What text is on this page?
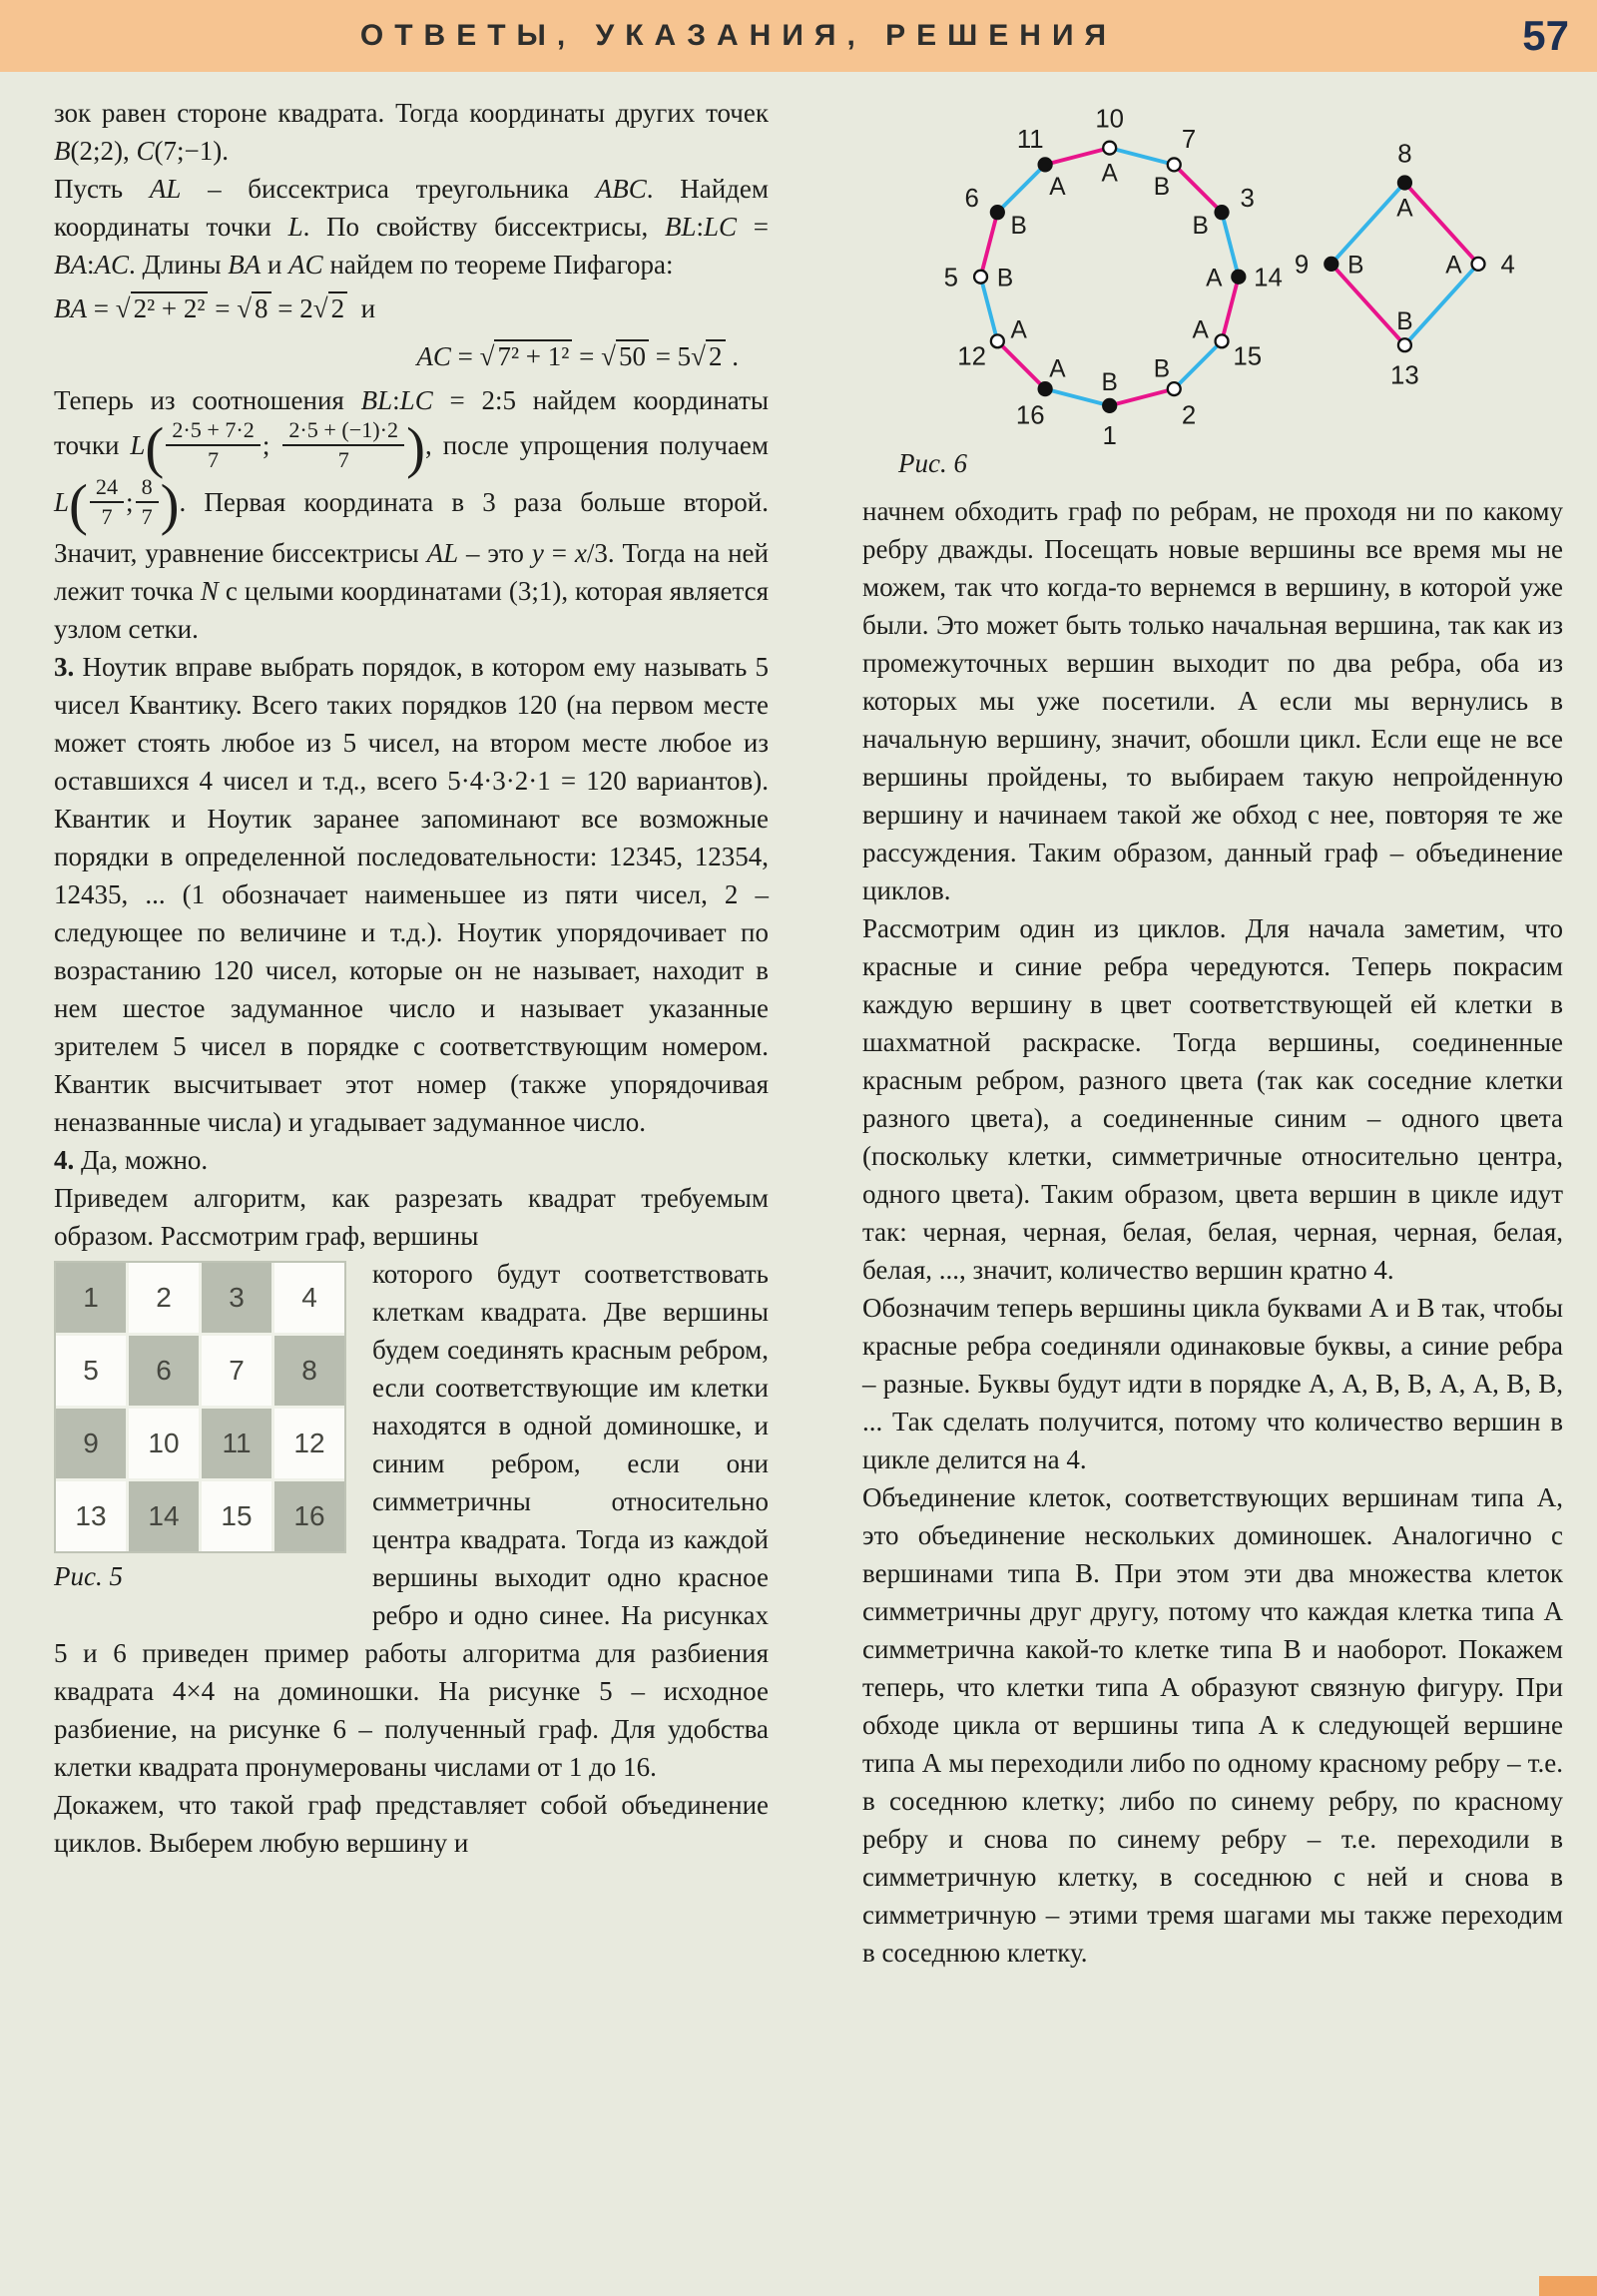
ОТВЕТЫ, УКАЗАНИЯ, РЕШЕНИЯ	57

зок равен стороне квадрата. Тогда координаты других точек B(2;2), C(7;−1).

Пусть AL – биссектриса треугольника ABC. Найдем координаты точки L. По свойству биссектрисы, BL:LC = BA:AC. Длины BA и AC найдем по теореме Пифагора:

BA = √ 2² + 2² = √ 8 = 2 √ 2  и
AC = √ 7² + 1² = √ 50 = 5 √ 2 .

Теперь из соотношения BL:LC = 2:5 найдем координаты точки $L( \frac{2\cdot 5 + 7\cdot 2}{7}$ ; $\frac{2\cdot 5 + (-1)\cdot 2}{7}$ ), после упрощения получаем $L( \frac{24}{7}$ ; $\frac{8}{7}$ ). Первая координата в 3 раза больше второй. Значит, уравнение биссектрисы AL – это y = x/3. Тогда на ней лежит точка N с целыми координатами (3;1), которая является узлом сетки.

3. Ноутик вправе выбрать порядок, в котором ему называть 5 чисел Квантику. Всего таких порядков 120 (на первом месте может стоять любое из 5 чисел, на втором месте любое из оставшихся 4 чисел и т.д., всего 5·4·3·2·1 = 120 вариантов). Квантик и Ноутик заранее запоминают все возможные порядки в определенной последовательности: 12345, 12354, 12435, ... (1 обозначает наименьшее из пяти чисел, 2 – следующее по величине и т.д.). Ноутик упорядочивает по возрастанию 120 чисел, которые он не называет, находит в нем шестое задуманное число и называет указанные зрителем 5 чисел в порядке с соответствующим номером. Квантик высчитывает этот номер (также упорядочивая неназванные числа) и угадывает задуманное число.

4. Да, можно.

Приведем алгоритм, как разрезать квадрат требуемым образом. Рассмотрим граф, вершины

1	2	3	4
5	6	7	8
9	10	11	12
13	14	15	16
Рис. 5

которого будут соответствовать клеткам квадрата. Две вершины будем соединять красным ребром, если соответствующие им клетки находятся в одной доминошке, и синим ребром, если они симметричны относительно центра квадрата. Тогда из каждой вершины выходит одно красное ребро и одно синее. На рисунках 5 и 6 приведен пример работы алгоритма для разбиения квадрата 4×4 на доминошки. На рисунке 5 – исходное разбиение, на рисунке 6 – полученный граф. Для удобства клетки квадрата пронумерованы числами от 1 до 16.

Докажем, что такой граф представляет собой объединение циклов. Выберем любую вершину и

10
A
11
A
6
B
5 B
12
A
16
A
1
B
2
B	15
A
14
A
3
B
7
B
8
A
4
A
13
B
9 B
Рис. 6

начнем обходить граф по ребрам, не проходя ни по какому ребру дважды. Посещать новые вершины все время мы не можем, так что когда-то вернемся в вершину, в которой уже были. Это может быть только начальная вершина, так как из промежуточных вершин выходит по два ребра, оба из которых мы уже посетили. А если мы вернулись в начальную вершину, значит, обошли цикл. Если еще не все вершины пройдены, то выбираем такую непройденную вершину и начинаем такой же обход с нее, повторяя те же рассуждения. Таким образом, данный граф – объединение циклов.

Рассмотрим один из циклов. Для начала заметим, что красные и синие ребра чередуются. Теперь покрасим каждую вершину в цвет соответствующей ей клетки в шахматной раскраске. Тогда вершины, соединенные красным ребром, разного цвета (так как соседние клетки разного цвета), а соединенные синим – одного цвета (поскольку клетки, симметричные относительно центра, одного цвета). Таким образом, цвета вершин в цикле идут так: черная, черная, белая, белая, черная, черная, белая, белая, ..., значит, количество вершин кратно 4.

Обозначим теперь вершины цикла буквами А и В так, чтобы красные ребра соединяли одинаковые буквы, а синие ребра – разные. Буквы будут идти в порядке А, А, В, В, А, А, В, В, ... Так сделать получится, потому что количество вершин в цикле делится на 4.

Объединение клеток, соответствующих вершинам типа А, это объединение нескольких доминошек. Аналогично с вершинами типа В. При этом эти два множества клеток симметричны друг другу, потому что каждая клетка типа А симметрична какой-то клетке типа В и наоборот. Покажем теперь, что клетки типа А образуют связную фигуру. При обходе цикла от вершины типа А к следующей вершине типа А мы переходили либо по одному красному ребру – т.е. в соседнюю клетку; либо по синему ребру, по красному ребру и снова по синему ребру – т.е. переходили в симметричную клетку, в соседнюю с ней и снова в симметричную – этими тремя шагами мы также переходим в соседнюю клетку.
